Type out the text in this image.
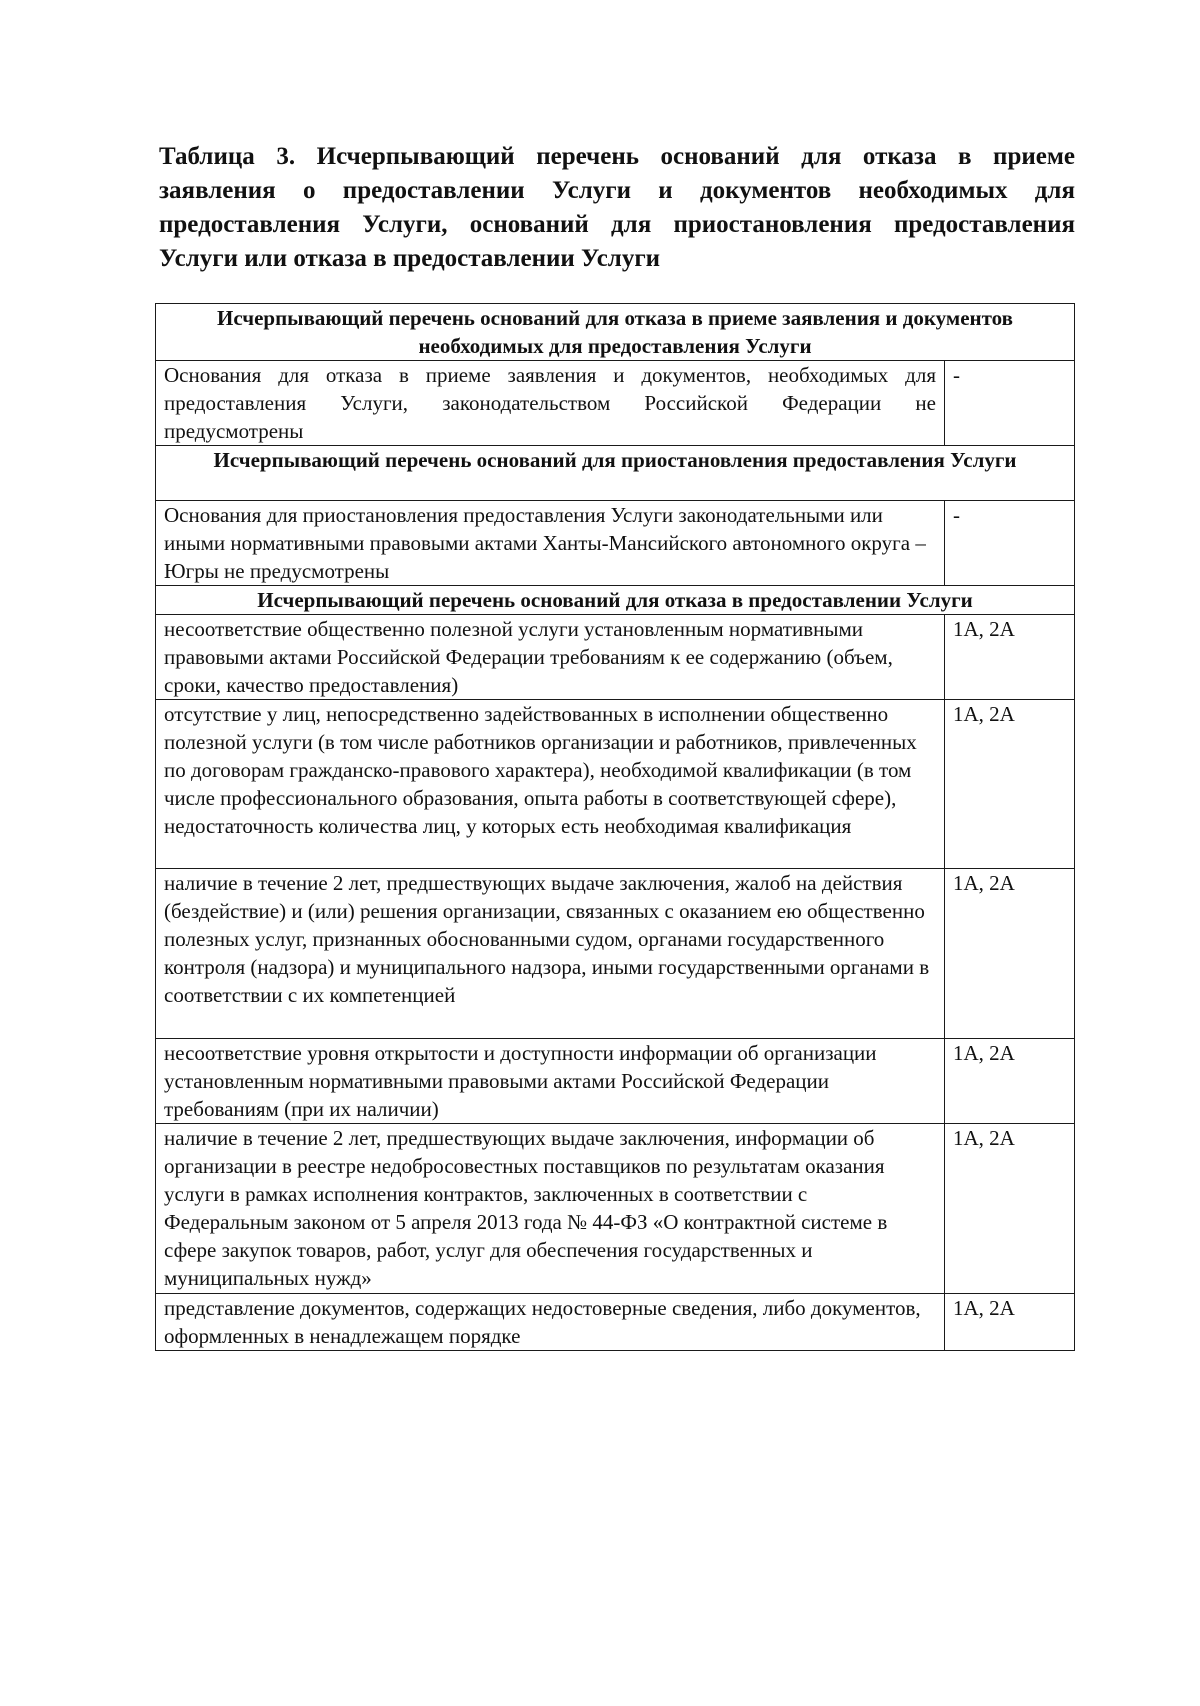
Таблица 3. Исчерпывающий перечень оснований для отказа в приеме заявления о предоставлении Услуги и документов необходимых для предоставления Услуги, оснований для приостановления предоставления Услуги или отказа в предоставлении Услуги
Исчерпывающий перечень оснований для отказа в приеме заявления и документов необходимых для предоставления Услуги	
Основания для отказа в приеме заявления и документов, необходимых для предоставления Услуги, законодательством Российской Федерации не предусмотрены	-
Исчерпывающий перечень оснований для приостановления предоставления Услуги	
Основания для приостановления предоставления Услуги законодательными или иными нормативными правовыми актами Ханты-Мансийского автономного округа – Югры не предусмотрены	-
Исчерпывающий перечень оснований для отказа в предоставлении Услуги	
несоответствие общественно полезной услуги установленным нормативными правовыми актами Российской Федерации требованиям к ее содержанию (объем, сроки, качество предоставления)	1А, 2А
отсутствие у лиц, непосредственно задействованных в исполнении общественно полезной услуги (в том числе работников организации и работников, привлеченных по договорам гражданско-правового характера), необходимой квалификации (в том числе профессионального образования, опыта работы в соответствующей сфере), недостаточность количества лиц, у которых есть необходимая квалификация	1А, 2А
наличие в течение 2 лет, предшествующих выдаче заключения, жалоб на действия (бездействие) и (или) решения организации, связанных с оказанием ею общественно полезных услуг, признанных обоснованными судом, органами государственного контроля (надзора) и муниципального надзора, иными государственными органами в соответствии с их компетенцией	1А, 2А
несоответствие уровня открытости и доступности информации об организации установленным нормативными правовыми актами Российской Федерации требованиям (при их наличии)	1А, 2А
наличие в течение 2 лет, предшествующих выдаче заключения, информации об организации в реестре недобросовестных поставщиков по результатам оказания услуги в рамках исполнения контрактов, заключенных в соответствии с Федеральным законом от 5 апреля 2013 года № 44-ФЗ «О контрактной системе в сфере закупок товаров, работ, услуг для обеспечения государственных и муниципальных нужд»	1А, 2А
представление документов, содержащих недостоверные сведения, либо документов, оформленных в ненадлежащем порядке	1А, 2А
